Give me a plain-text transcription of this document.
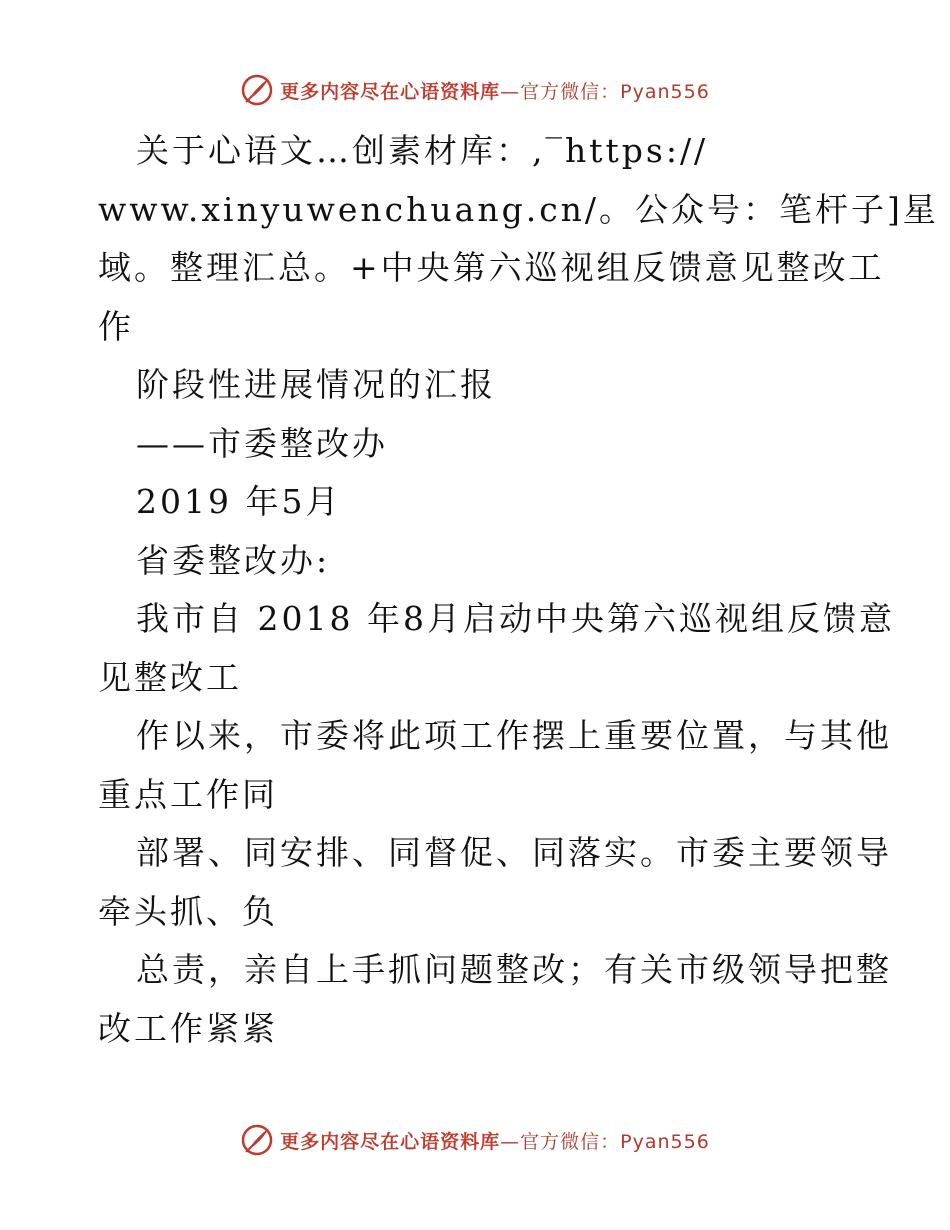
更多内容尽在心语资料库—官方微信：Pyan556
关于心语文…创素材库：,‾https://
www.xinyuwenchuang.cn/。公众号：笔杆子]星
域。整理汇总。+中央第六巡视组反馈意见整改工
作
阶段性进展情况的汇报
——市委整改办
2019 年5月
省委整改办:
我市自 2018 年8月启动中央第六巡视组反馈意
见整改工
作以来，市委将此项工作摆上重要位置，与其他
重点工作同
部署、同安排、同督促、同落实。市委主要领导
牵头抓、负
总责，亲自上手抓问题整改；有关市级领导把整
改工作紧紧
更多内容尽在心语资料库—官方微信：Pyan556
